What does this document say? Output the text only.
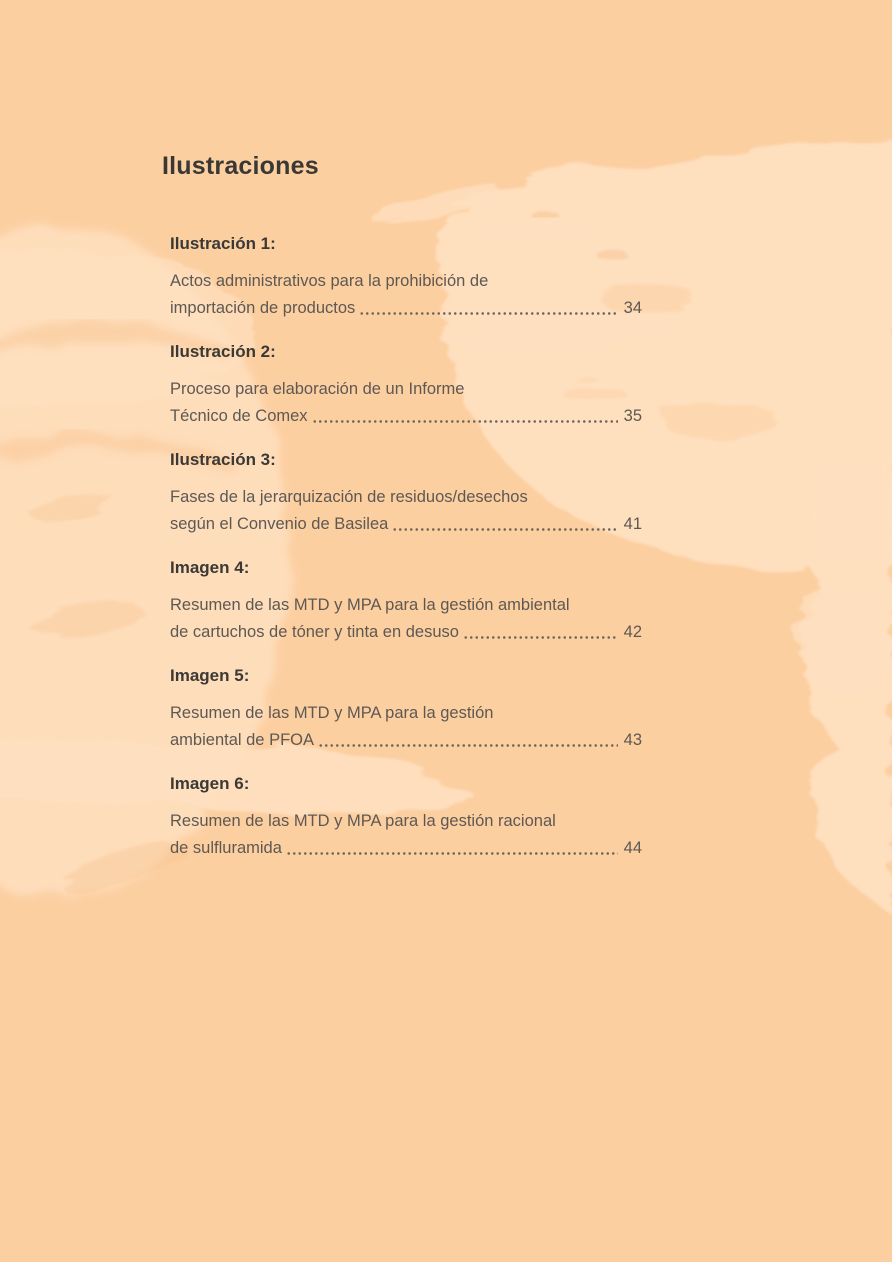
Ilustraciones
Ilustración 1:
Actos administrativos para la prohibición de
importación de productos	34
Ilustración 2:
Proceso para elaboración de un Informe
Técnico de Comex	35
Ilustración 3:
Fases de la jerarquización de residuos/desechos
según el Convenio de Basilea	41
Imagen 4:
Resumen de las MTD y MPA para la gestión ambiental
de cartuchos de tóner y tinta en desuso	42
Imagen 5:
Resumen de las MTD y MPA para la gestión
ambiental de PFOA	43
Imagen 6:
Resumen de las MTD y MPA para la gestión racional
de sulfluramida	44
